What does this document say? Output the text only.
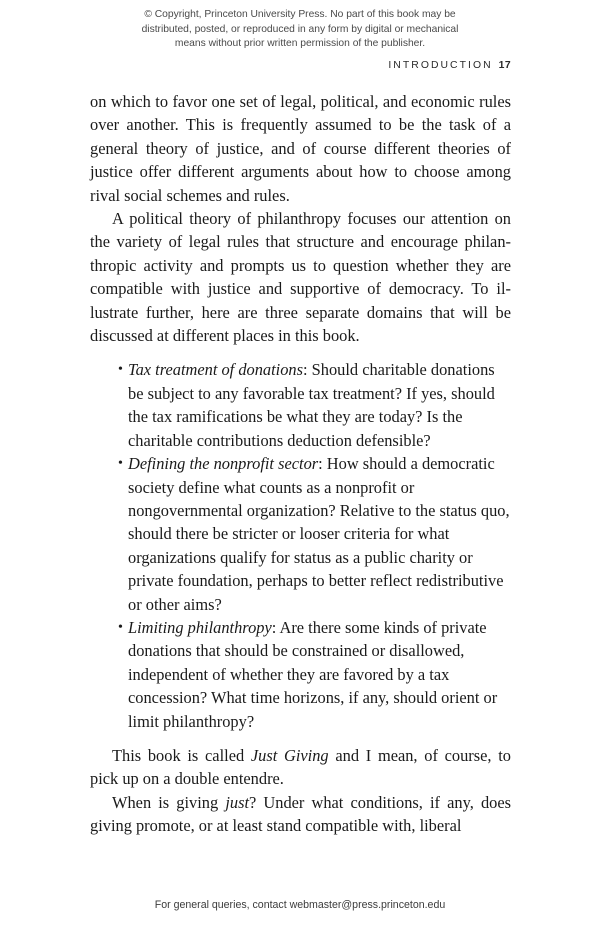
© Copyright, Princeton University Press. No part of this book may be
distributed, posted, or reproduced in any form by digital or mechanical
means without prior written permission of the publisher.
INTRODUCTION 17

on which to favor one set of legal, political, and economic rules over another. This is frequently assumed to be the task of a general theory of justice, and of course different theories of justice offer different arguments about how to choose among rival social schemes and rules.

A political theory of philanthropy focuses our attention on the variety of legal rules that structure and encourage philanthropic activity and prompts us to question whether they are compatible with justice and supportive of democracy. To illustrate further, here are three separate domains that will be discussed at different places in this book.

• Tax treatment of donations: Should charitable donations be subject to any favorable tax treatment? If yes, should the tax ramifications be what they are today? Is the charitable contributions deduction defensible?
• Defining the nonprofit sector: How should a democratic society define what counts as a nonprofit or nongovernmental organization? Relative to the status quo, should there be stricter or looser criteria for what organizations qualify for status as a public charity or private foundation, perhaps to better reflect redistributive or other aims?
• Limiting philanthropy: Are there some kinds of private donations that should be constrained or disallowed, independent of whether they are favored by a tax concession? What time horizons, if any, should orient or limit philanthropy?

This book is called Just Giving and I mean, of course, to pick up on a double entendre.

When is giving just? Under what conditions, if any, does giving promote, or at least stand compatible with, liberal

For general queries, contact webmaster@press.princeton.edu
